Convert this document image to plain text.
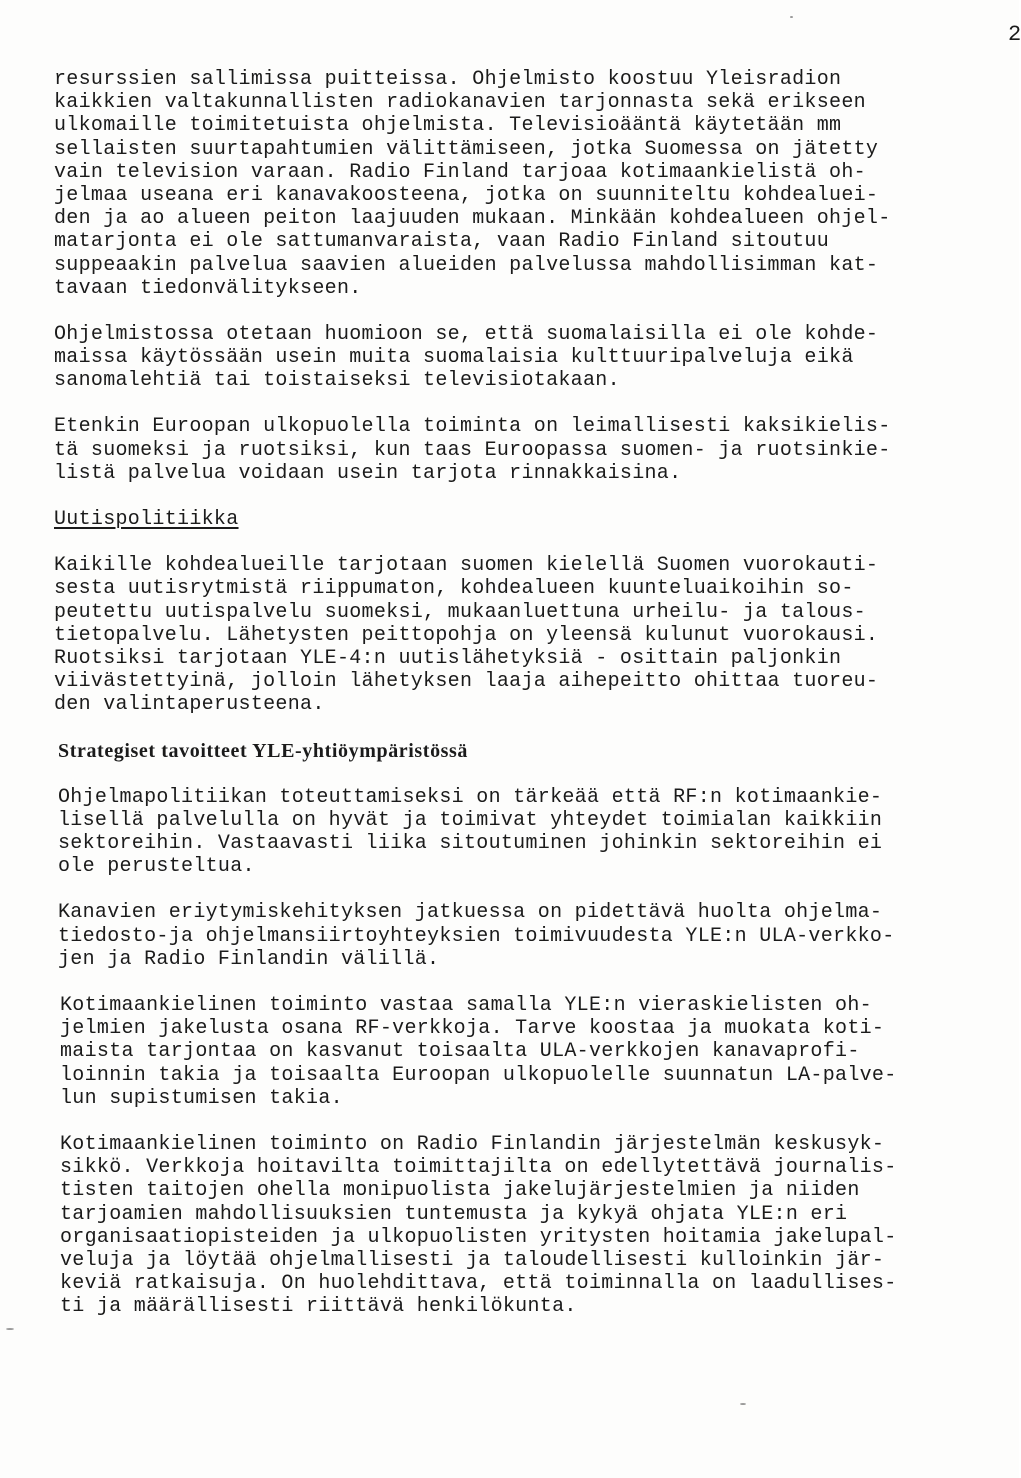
2
resurssien sallimissa puitteissa. Ohjelmisto koostuu Yleisradion
kaikkien valtakunnallisten radiokanavien tarjonnasta sekä erikseen
ulkomaille toimitetuista ohjelmista. Televisioääntä käytetään mm
sellaisten suurtapahtumien välittämiseen, jotka Suomessa on jätetty
vain television varaan. Radio Finland tarjoaa kotimaankielistä oh-
jelmaa useana eri kanavakoosteena, jotka on suunniteltu kohdealuei-
den ja ao alueen peiton laajuuden mukaan. Minkään kohdealueen ohjel-
matarjonta ei ole sattumanvaraista, vaan Radio Finland sitoutuu
suppeaakin palvelua saavien alueiden palvelussa mahdollisimman kat-
tavaan tiedonvälitykseen.
Ohjelmistossa otetaan huomioon se, että suomalaisilla ei ole kohde-
maissa käytössään usein muita suomalaisia kulttuuripalveluja eikä
sanomalehtiä tai toistaiseksi televisiotakaan.
Etenkin Euroopan ulkopuolella toiminta on leimallisesti kaksikielis-
tä suomeksi ja ruotsiksi, kun taas Euroopassa suomen- ja ruotsinkie-
listä palvelua voidaan usein tarjota rinnakkaisina.
Uutispolitiikka
Kaikille kohdealueille tarjotaan suomen kielellä Suomen vuorokauti-
sesta uutisrytmistä riippumaton, kohdealueen kuunteluaikoihin so-
peutettu uutispalvelu suomeksi, mukaanluettuna urheilu- ja talous-
tietopalvelu. Lähetysten peittopohja on yleensä kulunut vuorokausi.
Ruotsiksi tarjotaan YLE-4:n uutislähetyksiä - osittain paljonkin
viivästettyinä, jolloin lähetyksen laaja aihepeitto ohittaa tuoreu-
den valintaperusteena.
Strategiset tavoitteet YLE-yhtiöympäristössä
Ohjelmapolitiikan toteuttamiseksi on tärkeää että RF:n kotimaankie-
lisellä palvelulla on hyvät ja toimivat yhteydet toimialan kaikkiin
sektoreihin. Vastaavasti liika sitoutuminen johinkin sektoreihin ei
ole perusteltua.
Kanavien eriytymiskehityksen jatkuessa on pidettävä huolta ohjelma-
tiedosto-ja ohjelmansiirtoyhteyksien toimivuudesta YLE:n ULA-verkko-
jen ja Radio Finlandin välillä.
Kotimaankielinen toiminto vastaa samalla YLE:n vieraskielisten oh-
jelmien jakelusta osana RF-verkkoja. Tarve koostaa ja muokata koti-
maista tarjontaa on kasvanut toisaalta ULA-verkkojen kanavaprofi-
loinnin takia ja toisaalta Euroopan ulkopuolelle suunnatun LA-palve-
lun supistumisen takia.
Kotimaankielinen toiminto on Radio Finlandin järjestelmän keskusyk-
sikkö. Verkkoja hoitavilta toimittajilta on edellytettävä journalis-
tisten taitojen ohella monipuolista jakelujärjestelmien ja niiden
tarjoamien mahdollisuuksien tuntemusta ja kykyä ohjata YLE:n eri
organisaatiopisteiden ja ulkopuolisten yritysten hoitamia jakelupal-
veluja ja löytää ohjelmallisesti ja taloudellisesti kulloinkin jär-
keviä ratkaisuja. On huolehdittava, että toiminnalla on laadullises-
ti ja määrällisesti riittävä henkilökunta.
